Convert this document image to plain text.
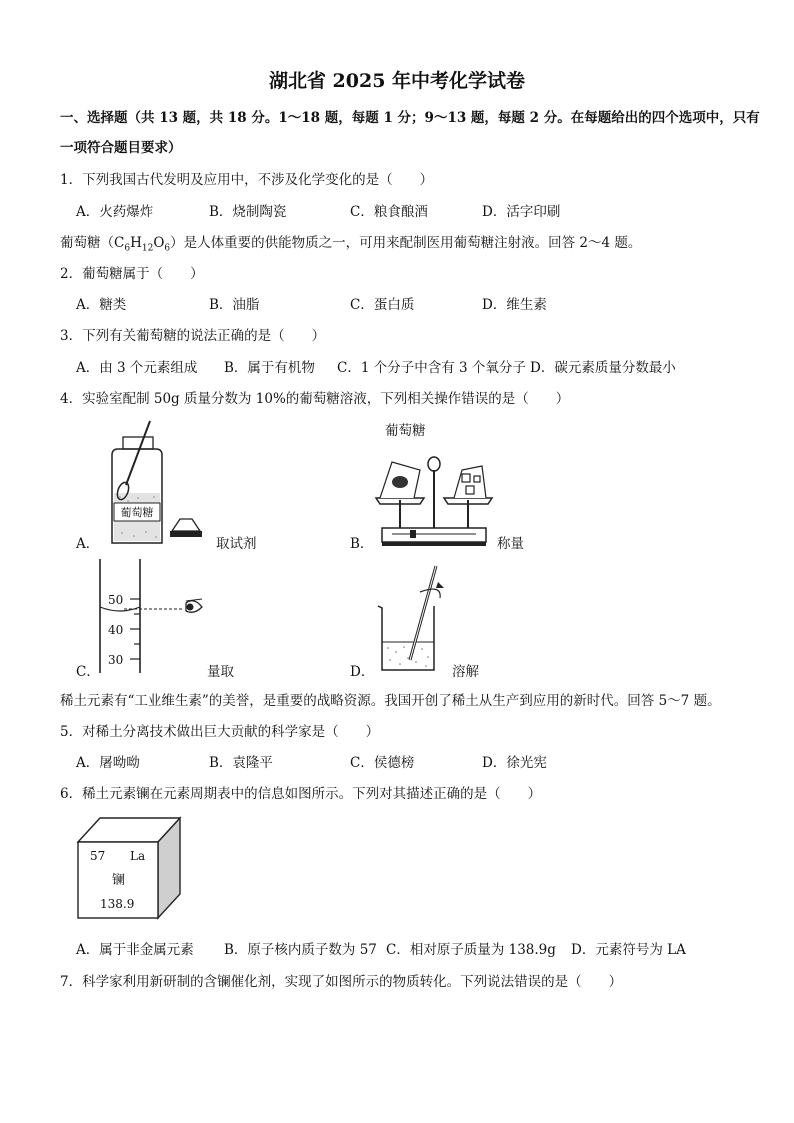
湖北省 2025 年中考化学试卷
一、选择题（共 13 题，共 18 分。1～18 题，每题 1 分；9～13 题，每题 2 分。在每题给出的四个选项中，只有
一项符合题目要求）
1．下列我国古代发明及应用中，不涉及化学变化的是（　　）
A．火药爆炸	B．烧制陶瓷	C．粮食酿酒	D．活字印刷
葡萄糖$(C_6H_{12}O_6)$是人体重要的供能物质之一，可用来配制医用葡萄糖注射液。回答 2～4 题。
2．葡萄糖属于（　　）
A．糖类	B．油脂	C．蛋白质	D．维生素
3．下列有关葡萄糖的说法正确的是（　　）
A．由 3 个元素组成 B．属于有机物 C．1 个分子中含有 3 个氧分子 D．碳元素质量分数最小
4．实验室配制 50g 质量分数为 10%的葡萄糖溶液，下列相关操作错误的是（　　）
A．
葡萄糖
取试剂	B．
葡萄糖
称量
C．
50
40
30
量取	D．	溶解
稀土元素有“工业维生素”的美誉，是重要的战略资源。我国开创了稀土从生产到应用的新时代。回答 5～7 题。
5．对稀土分离技术做出巨大贡献的科学家是（　　）
A．屠呦呦	B．袁隆平	C．侯德榜	D．徐光宪
6．稀土元素镧在元素周期表中的信息如图所示。下列对其描述正确的是（　　）
57 La
镧
138.9
A．属于非金属元素 B．原子核内质子数为 57 C．相对原子质量为 138.9g D．元素符号为 LA
7．科学家利用新研制的含镧催化剂，实现了如图所示的物质转化。下列说法错误的是（　　）
